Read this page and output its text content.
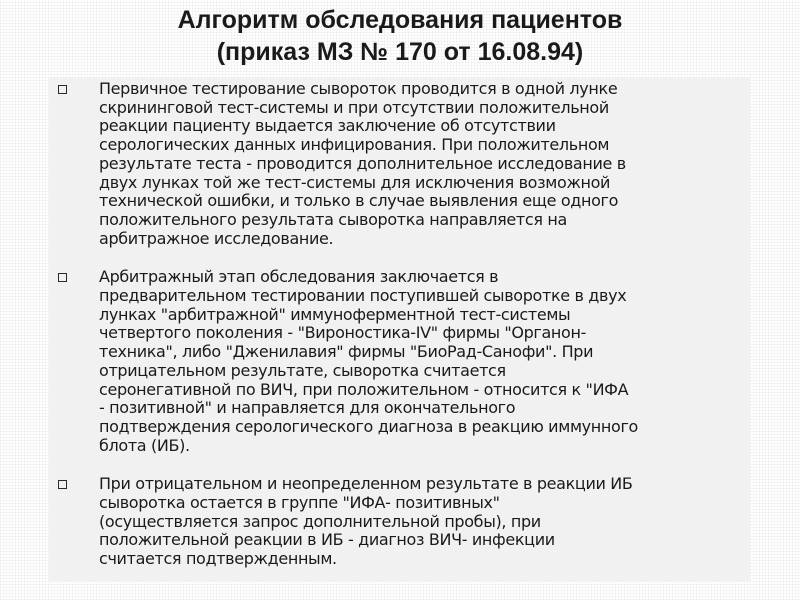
Алгоритм обследования пациентов
(приказ МЗ № 170 от 16.08.94)
Первичное тестирование сывороток проводится в одной лунке
скрининговой тест-системы и при отсутствии положительной
реакции пациенту выдается заключение об отсутствии
серологических данных инфицирования. При положительном
результате теста - проводится дополнительное исследование в
двух лунках той же тест-системы для исключения возможной
технической ошибки, и только в случае выявления еще одного
положительного результата сыворотка направляется на
арбитражное исследование.
Арбитражный этап обследования заключается в
предварительном тестировании поступившей сыворотке в двух
лунках "арбитражной" иммуноферментной тест-системы
четвертого поколения - "Вироностика-IV" фирмы "Органон-
техника", либо "Дженилавия" фирмы "БиоРад-Санофи". При
отрицательном результате, сыворотка считается
серонегативной по ВИЧ, при положительном - относится к "ИФА
- позитивной" и направляется для окончательного
подтверждения серологического диагноза в реакцию иммунного
блота (ИБ).
При отрицательном и неопределенном результате в реакции ИБ
сыворотка остается в группе "ИФА- позитивных"
(осуществляется запрос дополнительной пробы), при
положительной реакции в ИБ - диагноз ВИЧ- инфекции
считается подтвержденным.
